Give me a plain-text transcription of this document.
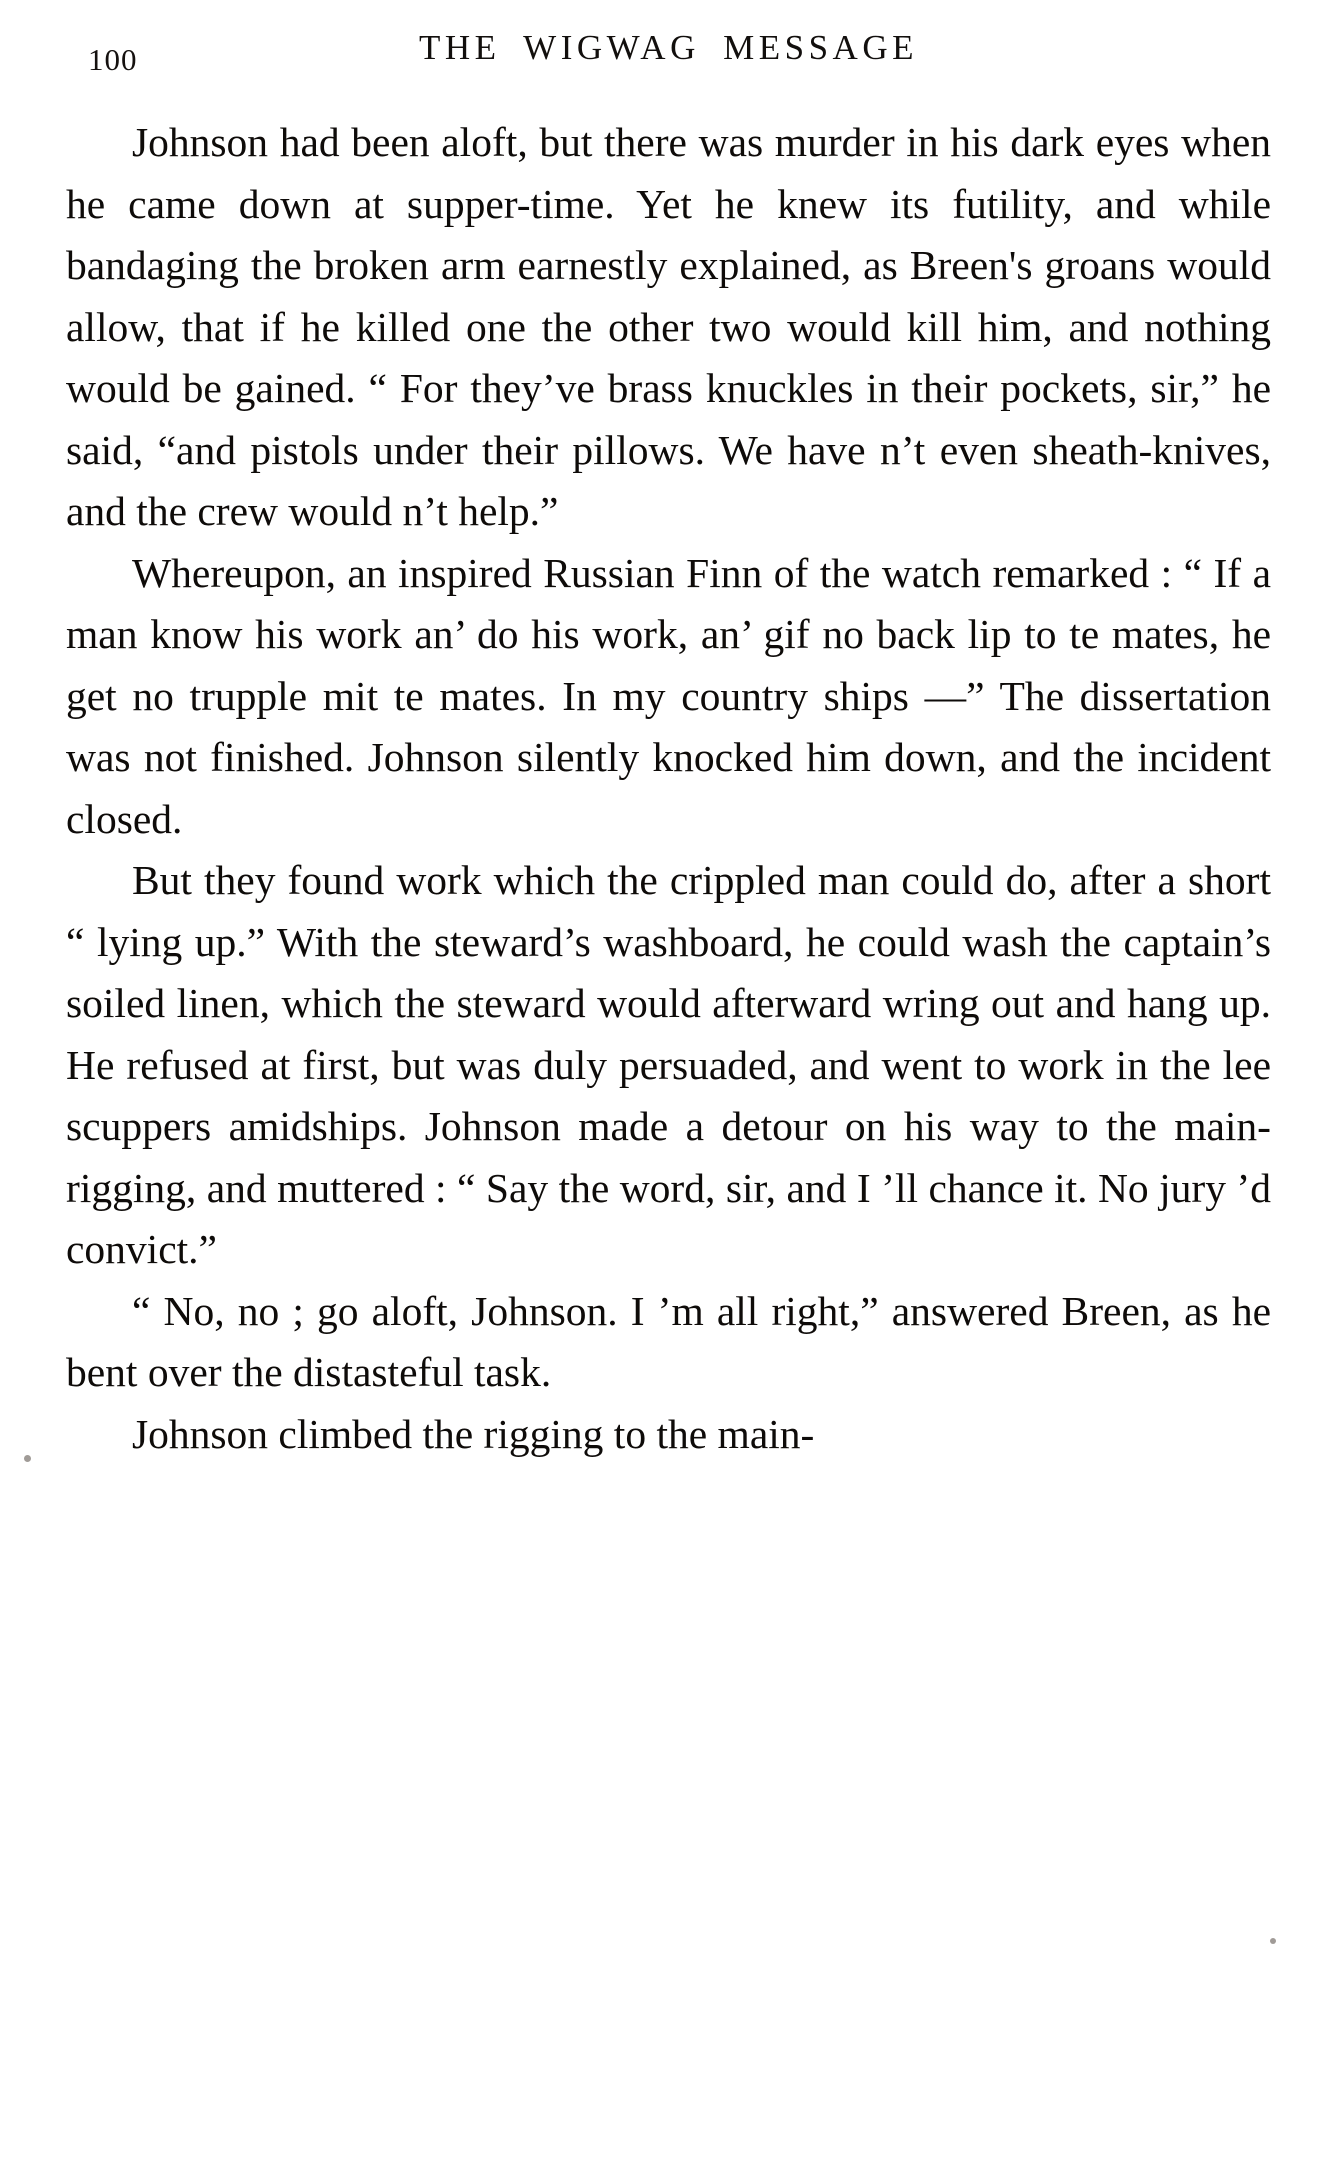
100	THE WIGWAG MESSAGE

Johnson had been aloft, but there was murder in his dark eyes when he came down at supper-time. Yet he knew its futility, and while bandaging the broken arm earnestly explained, as Breen's groans would allow, that if he killed one the other two would kill him, and nothing would be gained. “ For they’ve brass knuckles in their pockets, sir,” he said, “and pistols under their pillows. We have n’t even sheath-knives, and the crew would n’t help.”

Whereupon, an inspired Russian Finn of the watch remarked : “ If a man know his work an’ do his work, an’ gif no back lip to te mates, he get no trupple mit te mates. In my country ships —” The dissertation was not finished. Johnson silently knocked him down, and the incident closed.

But they found work which the crippled man could do, after a short “ lying up.” With the steward’s washboard, he could wash the captain’s soiled linen, which the steward would afterward wring out and hang up. He refused at first, but was duly persuaded, and went to work in the lee scuppers amidships. Johnson made a detour on his way to the main-rigging, and muttered : “ Say the word, sir, and I ’ll chance it. No jury ’d convict.”

“ No, no ; go aloft, Johnson. I ’m all right,” answered Breen, as he bent over the distasteful task.

Johnson climbed the rigging to the main-
